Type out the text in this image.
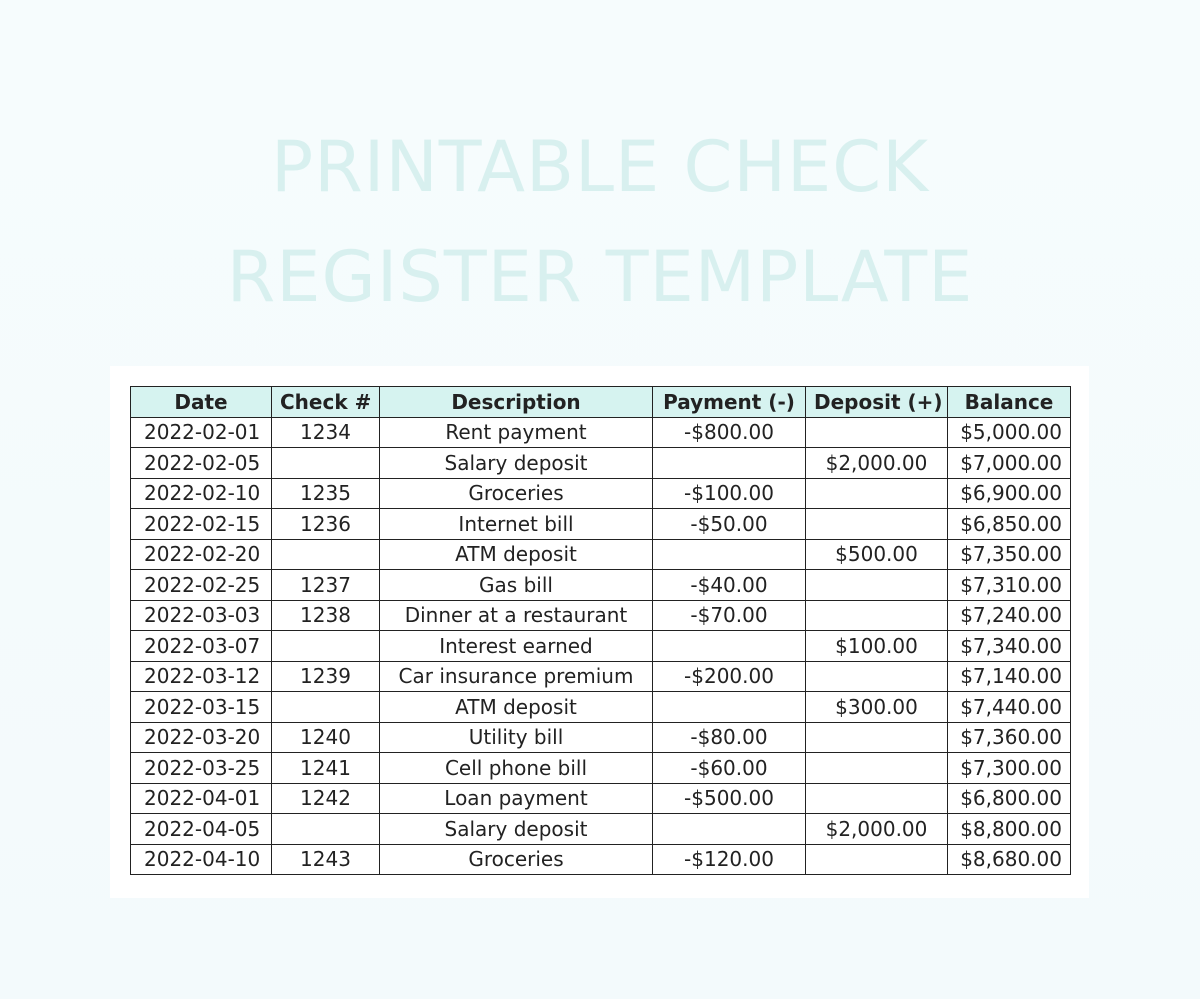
PRINTABLE CHECK
REGISTER TEMPLATE
Date	Check #	Description	Payment (-)	Deposit (+)	Balance
2022-02-01	1234	Rent payment	-$800.00		$5,000.00
2022-02-05		Salary deposit		$2,000.00	$7,000.00
2022-02-10	1235	Groceries	-$100.00		$6,900.00
2022-02-15	1236	Internet bill	-$50.00		$6,850.00
2022-02-20		ATM deposit		$500.00	$7,350.00
2022-02-25	1237	Gas bill	-$40.00		$7,310.00
2022-03-03	1238	Dinner at a restaurant	-$70.00		$7,240.00
2022-03-07		Interest earned		$100.00	$7,340.00
2022-03-12	1239	Car insurance premium	-$200.00		$7,140.00
2022-03-15		ATM deposit		$300.00	$7,440.00
2022-03-20	1240	Utility bill	-$80.00		$7,360.00
2022-03-25	1241	Cell phone bill	-$60.00		$7,300.00
2022-04-01	1242	Loan payment	-$500.00		$6,800.00
2022-04-05		Salary deposit		$2,000.00	$8,800.00
2022-04-10	1243	Groceries	-$120.00		$8,680.00
